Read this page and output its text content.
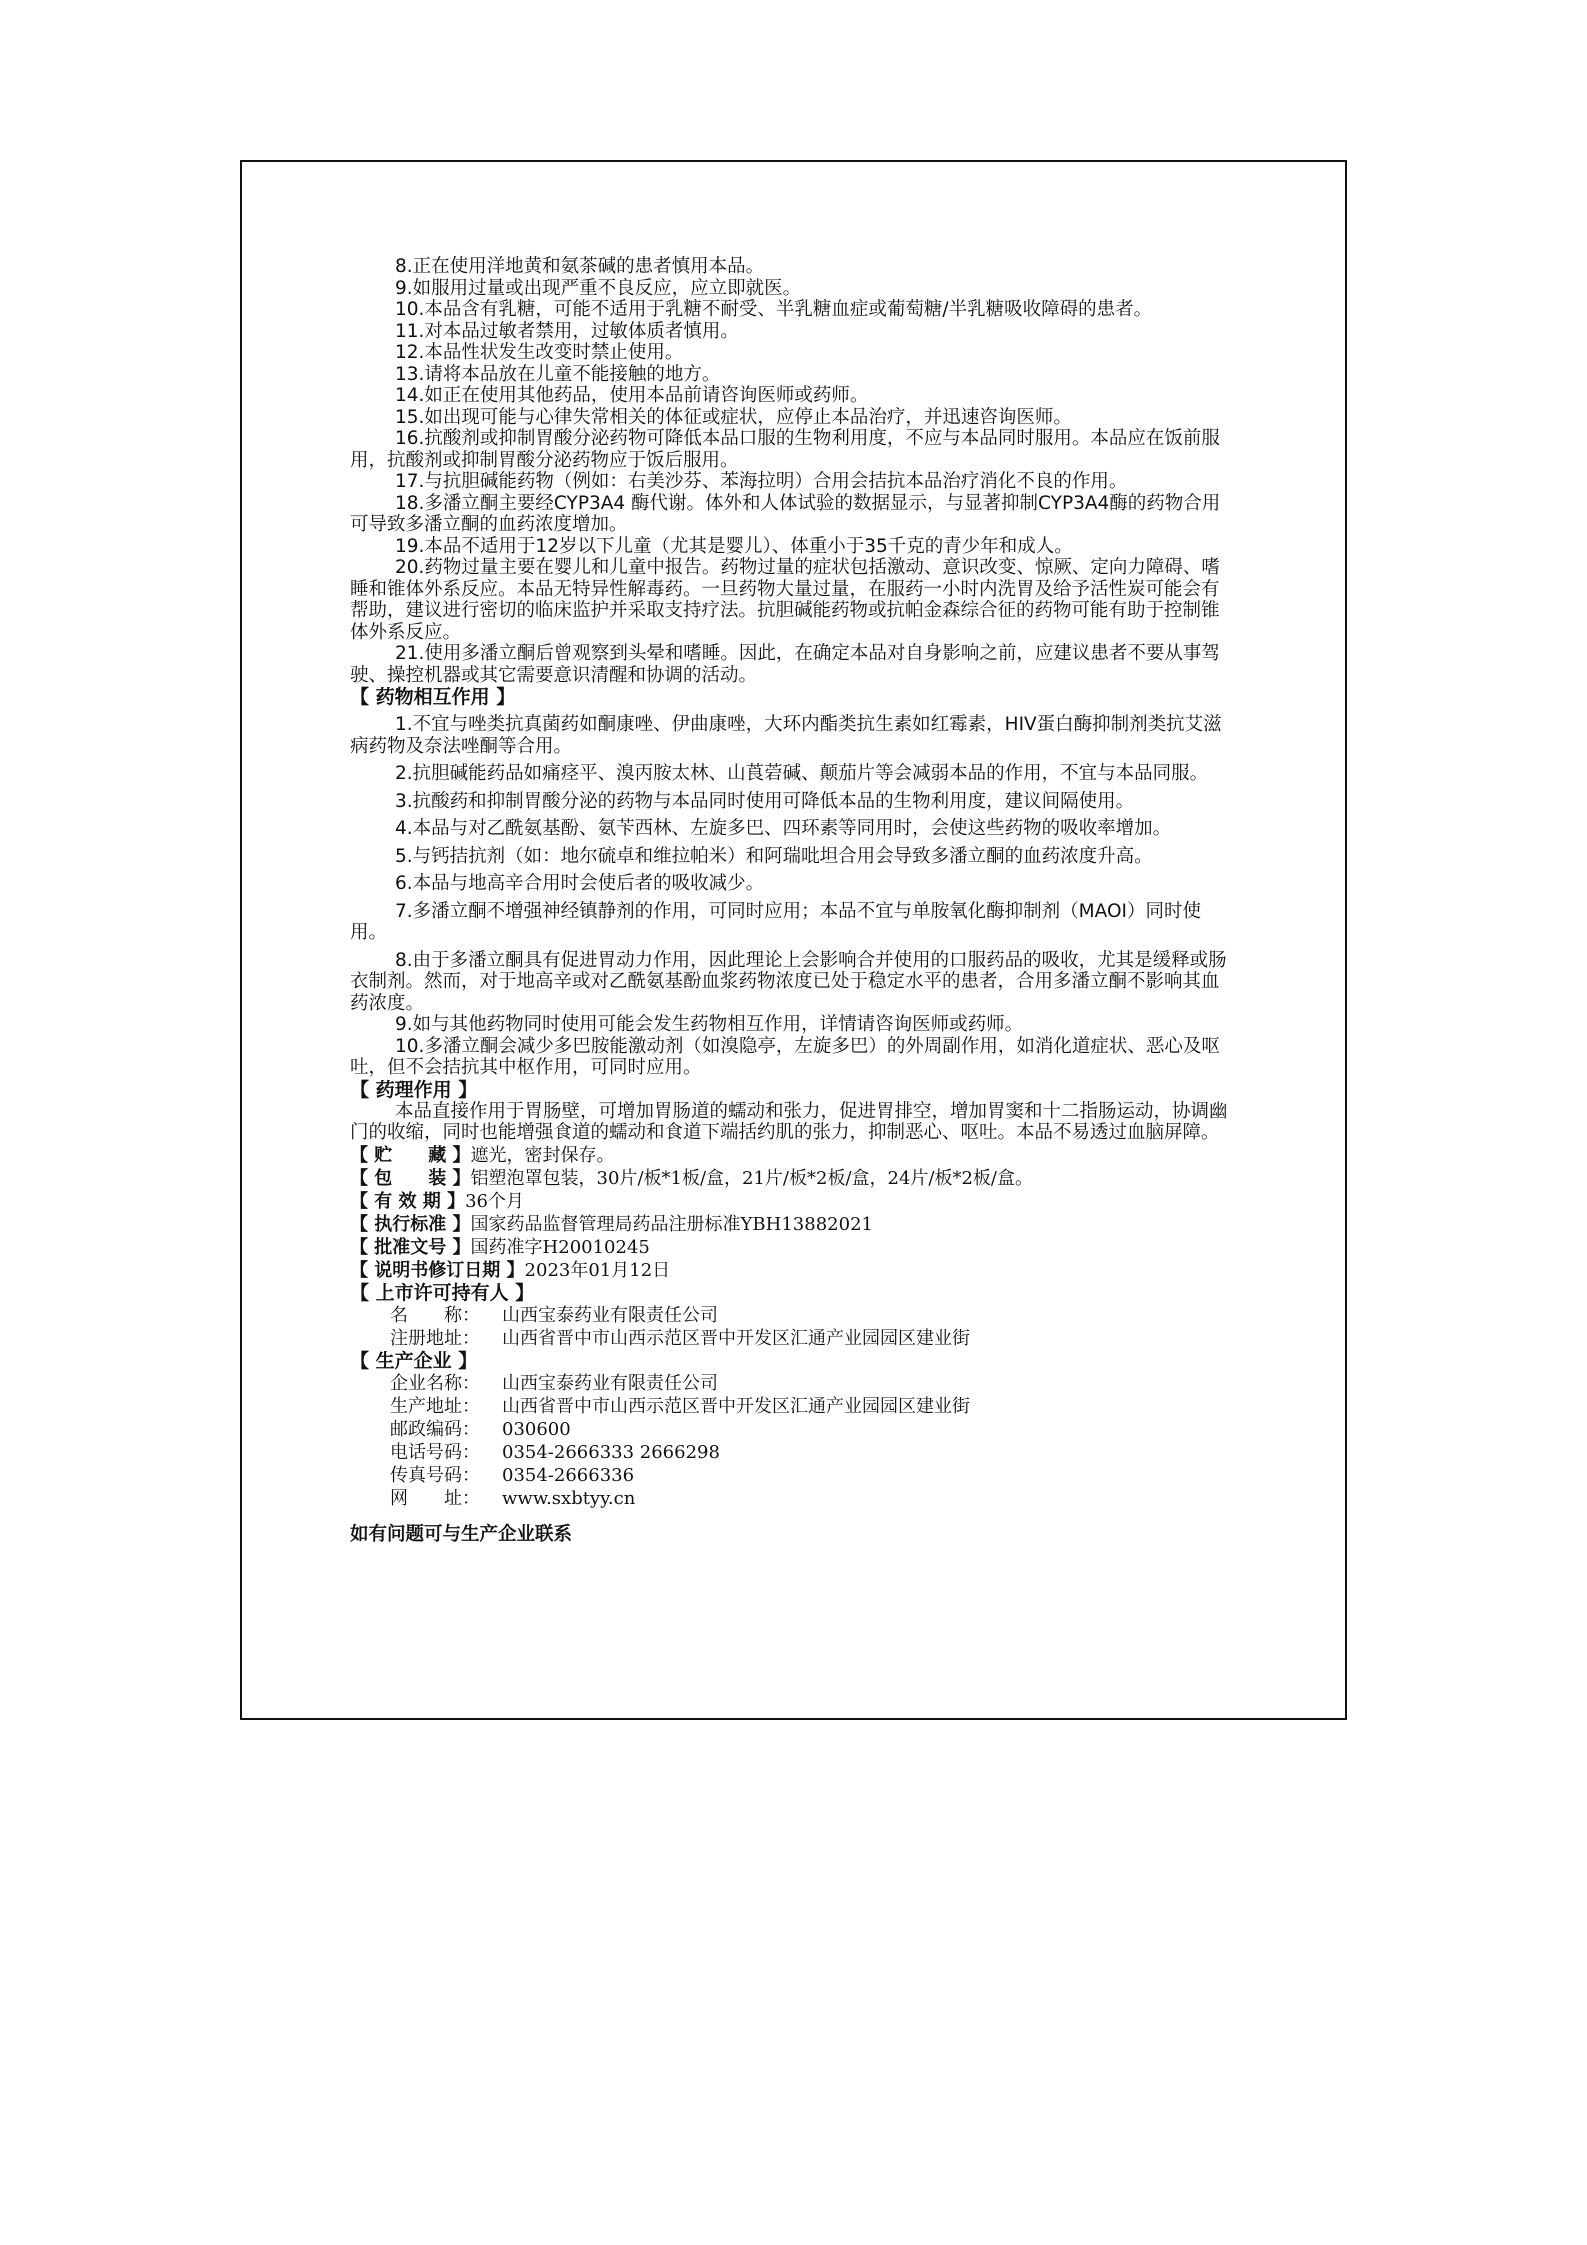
8.正在使用洋地黄和氨茶碱的患者慎用本品。

9.如服用过量或出现严重不良反应，应立即就医。

10.本品含有乳糖，可能不适用于乳糖不耐受、半乳糖血症或葡萄糖/半乳糖吸收障碍的患者。

11.对本品过敏者禁用，过敏体质者慎用。

12.本品性状发生改变时禁止使用。

13.请将本品放在儿童不能接触的地方。

14.如正在使用其他药品，使用本品前请咨询医师或药师。

15.如出现可能与心律失常相关的体征或症状，应停止本品治疗，并迅速咨询医师。

16.抗酸剂或抑制胃酸分泌药物可降低本品口服的生物利用度，不应与本品同时服用。本品应在饭前服用，抗酸剂或抑制胃酸分泌药物应于饭后服用。

17.与抗胆碱能药物（例如：右美沙芬、苯海拉明）合用会拮抗本品治疗消化不良的作用。

18.多潘立酮主要经CYP3A4 酶代谢。体外和人体试验的数据显示，与显著抑制CYP3A4酶的药物合用可导致多潘立酮的血药浓度增加。

19.本品不适用于12岁以下儿童（尤其是婴儿）、体重小于35千克的青少年和成人。

20.药物过量主要在婴儿和儿童中报告。药物过量的症状包括激动、意识改变、惊厥、定向力障碍、嗜睡和锥体外系反应。本品无特异性解毒药。一旦药物大量过量，在服药一小时内洗胃及给予活性炭可能会有帮助，建议进行密切的临床监护并采取支持疗法。抗胆碱能药物或抗帕金森综合征的药物可能有助于控制锥体外系反应。

21.使用多潘立酮后曾观察到头晕和嗜睡。因此，在确定本品对自身影响之前，应建议患者不要从事驾驶、操控机器或其它需要意识清醒和协调的活动。

【 药物相互作用 】

1.不宜与唑类抗真菌药如酮康唑、伊曲康唑，大环内酯类抗生素如红霉素，HIV蛋白酶抑制剂类抗艾滋病药物及奈法唑酮等合用。

2.抗胆碱能药品如痛痉平、溴丙胺太林、山莨菪碱、颠茄片等会减弱本品的作用，不宜与本品同服。

3.抗酸药和抑制胃酸分泌的药物与本品同时使用可降低本品的生物利用度，建议间隔使用。

4.本品与对乙酰氨基酚、氨苄西林、左旋多巴、四环素等同用时，会使这些药物的吸收率增加。

5.与钙拮抗剂（如：地尔硫卓和维拉帕米）和阿瑞吡坦合用会导致多潘立酮的血药浓度升高。

6.本品与地高辛合用时会使后者的吸收减少。

7.多潘立酮不增强神经镇静剂的作用，可同时应用；本品不宜与单胺氧化酶抑制剂（MAOI）同时使用。

8.由于多潘立酮具有促进胃动力作用，因此理论上会影响合并使用的口服药品的吸收，尤其是缓释或肠衣制剂。然而，对于地高辛或对乙酰氨基酚血浆药物浓度已处于稳定水平的患者，合用多潘立酮不影响其血药浓度。

9.如与其他药物同时使用可能会发生药物相互作用，详情请咨询医师或药师。

10.多潘立酮会减少多巴胺能激动剂（如溴隐亭，左旋多巴）的外周副作用，如消化道症状、恶心及呕吐，但不会拮抗其中枢作用，可同时应用。

【 药理作用 】

本品直接作用于胃肠壁，可增加胃肠道的蠕动和张力，促进胃排空，增加胃窦和十二指肠运动，协调幽门的收缩，同时也能增强食道的蠕动和食道下端括约肌的张力，抑制恶心、呕吐。本品不易透过血脑屏障。

【 贮　　藏 】 遮光，密封保存。
【 包　　装 】 铝塑泡罩包装，30片/板*1板/盒，21片/板*2板/盒，24片/板*2板/盒。
【 有 效 期 】 36个月
【 执行标准 】 国家药品监督管理局药品注册标准YBH13882021
【 批准文号 】 国药准字H20010245
【 说明书修订日期 】 2023年01月12日

【 上市许可持有人 】

名　　称：	山西宝泰药业有限责任公司
注册地址：	山西省晋中市山西示范区晋中开发区汇通产业园园区建业街

【 生产企业 】

企业名称：	山西宝泰药业有限责任公司
生产地址：	山西省晋中市山西示范区晋中开发区汇通产业园园区建业街
邮政编码：	030600
电话号码：	0354-2666333 2666298
传真号码：	0354-2666336
网　　址：	www.sxbtyy.cn

如有问题可与生产企业联系
